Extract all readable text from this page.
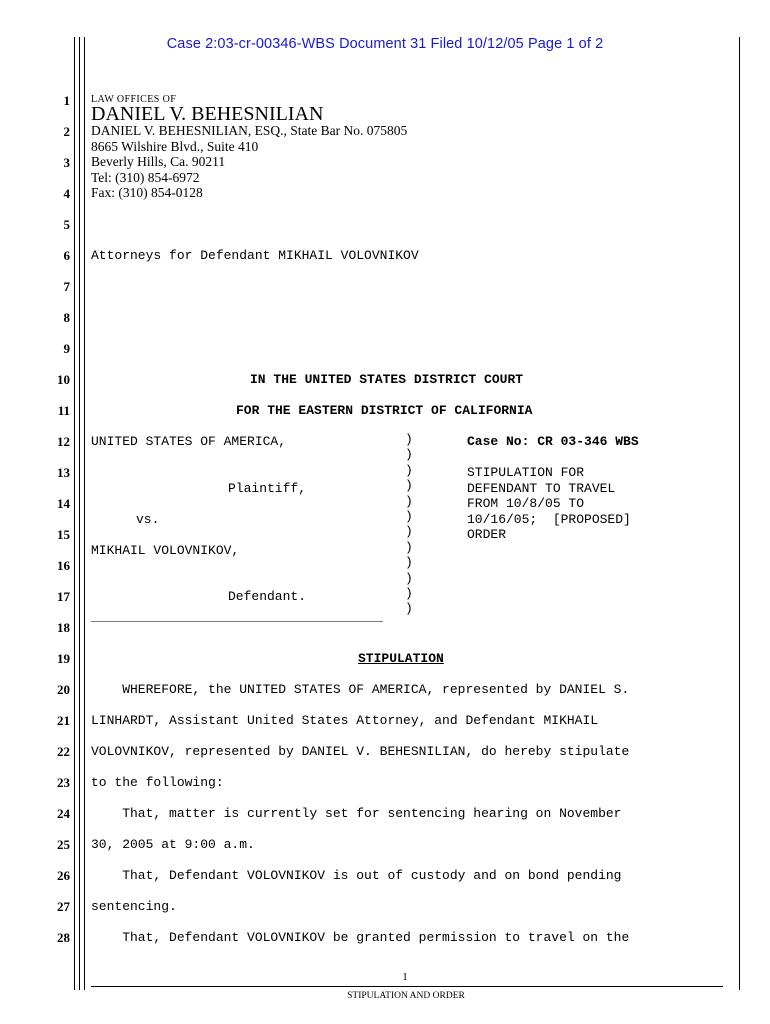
Case 2:03-cr-00346-WBS Document 31 Filed 10/12/05 Page 1 of 2
1
2
3
4
5
6
7
8
9
10
11
12
13
14
15
16
17
18
19
20
21
22
23
24
25
26
27
28
LAW OFFICES OF
DANIEL V. BEHESNILIAN
DANIEL V. BEHESNILIAN, ESQ., State Bar No. 075805
8665 Wilshire Blvd., Suite 410
Beverly Hills, Ca. 90211
Tel: (310) 854-6972
Fax: (310) 854-0128
Attorneys for Defendant MIKHAIL VOLOVNIKOV
IN THE UNITED STATES DISTRICT COURT
FOR THE EASTERN DISTRICT OF CALIFORNIA
UNITED STATES OF AMERICA,
Plaintiff,
vs.
MIKHAIL VOLOVNIKOV,
Defendant.
)
)
)
)
)
)
)
)
)
)
)
)
Case No: CR 03-346 WBS
STIPULATION FOR
DEFENDANT TO TRAVEL
FROM 10/8/05 TO
10/16/05;  [PROPOSED]
ORDER
STIPULATION
WHEREFORE, the UNITED STATES OF AMERICA, represented by DANIEL S.
LINHARDT, Assistant United States Attorney, and Defendant MIKHAIL
VOLOVNIKOV, represented by DANIEL V. BEHESNILIAN, do hereby stipulate
to the following:
That, matter is currently set for sentencing hearing on November
30, 2005 at 9:00 a.m.
That, Defendant VOLOVNIKOV is out of custody and on bond pending
sentencing.
That, Defendant VOLOVNIKOV be granted permission to travel on the
1
STIPULATION AND ORDER
